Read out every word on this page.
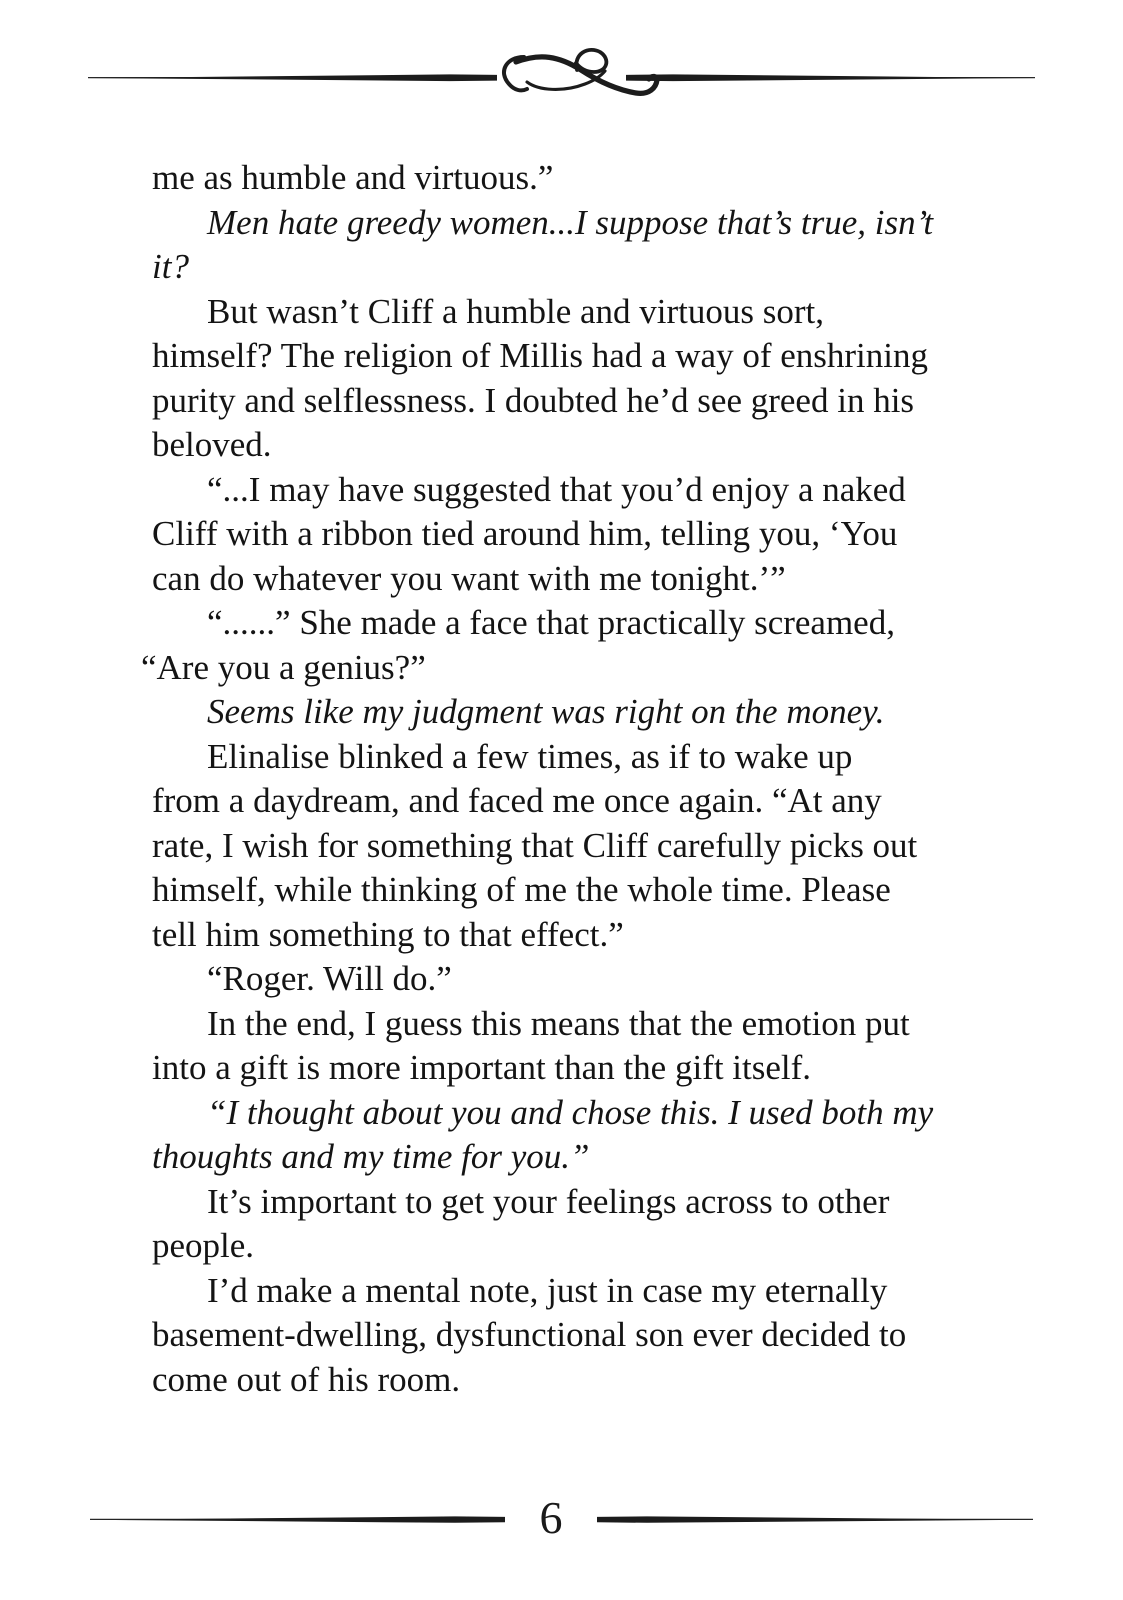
me as humble and virtuous.”

Men hate greedy women...I suppose that’s true, isn’t
it?

But wasn’t Cliff a humble and virtuous sort,
himself? The religion of Millis had a way of enshrining
purity and selflessness. I doubted he’d see greed in his
beloved.

“...I may have suggested that you’d enjoy a naked
Cliff with a ribbon tied around him, telling you, ‘You
can do whatever you want with me tonight.’”

“......” She made a face that practically screamed,
“Are you a genius?”

Seems like my judgment was right on the money.

Elinalise blinked a few times, as if to wake up
from a daydream, and faced me once again. “At any
rate, I wish for something that Cliff carefully picks out
himself, while thinking of me the whole time. Please
tell him something to that effect.”

“Roger. Will do.”

In the end, I guess this means that the emotion put
into a gift is more important than the gift itself.

“I thought about you and chose this. I used both my
thoughts and my time for you.”

It’s important to get your feelings across to other
people.

I’d make a mental note, just in case my eternally
basement-dwelling, dysfunctional son ever decided to
come out of his room.

6
